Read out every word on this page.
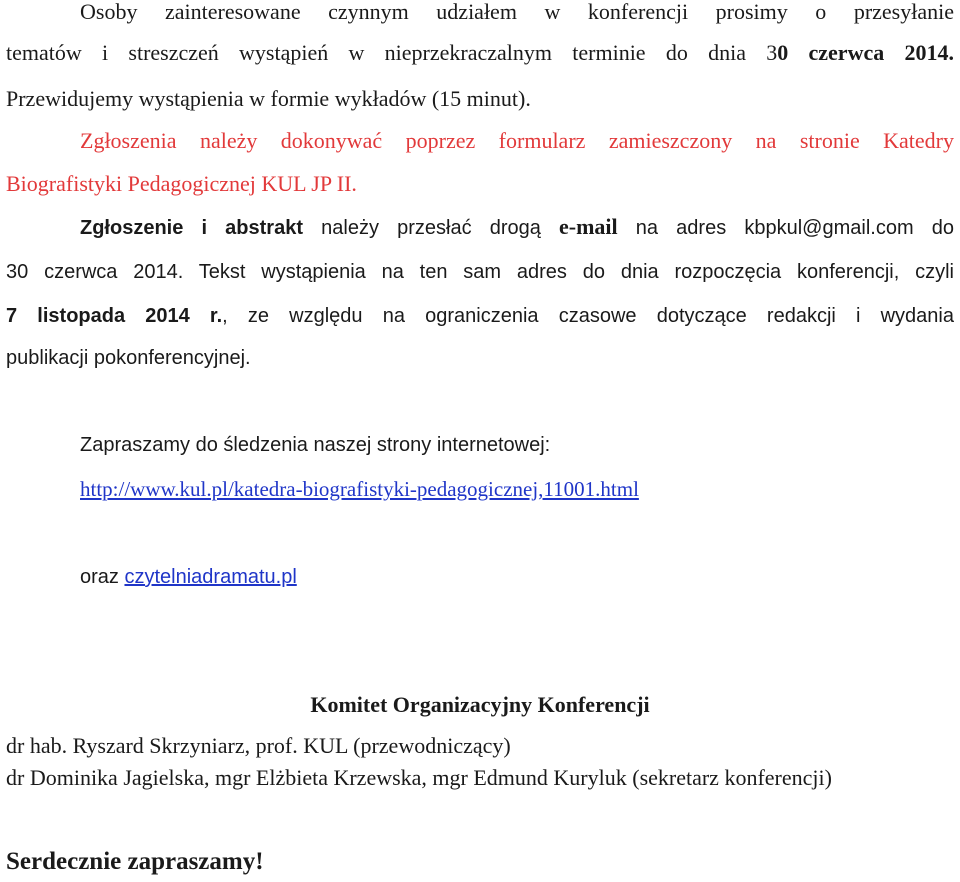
Osoby zainteresowane czynnym udziałem w konferencji prosimy o przesyłanie
tematów i streszczeń wystąpień w nieprzekraczalnym terminie do dnia 30 czerwca 2014.
Przewidujemy wystąpienia w formie wykładów (15 minut).
Zgłoszenia należy dokonywać poprzez formularz zamieszczony na stronie Katedry
Biografistyki Pedagogicznej KUL JP II.
Zgłoszenie i abstrakt należy przesłać drogą e-mail na adres kbpkul@gmail.com do
30 czerwca 2014. Tekst wystąpienia na ten sam adres do dnia rozpoczęcia konferencji, czyli
7 listopada 2014 r., ze względu na ograniczenia czasowe dotyczące redakcji i wydania
publikacji pokonferencyjnej.
Zapraszamy do śledzenia naszej strony internetowej:
http://www.kul.pl/katedra-biografistyki-pedagogicznej,11001.html
oraz czytelniadramatu.pl
Komitet Organizacyjny Konferencji
dr hab. Ryszard Skrzyniarz, prof. KUL (przewodniczący)
dr Dominika Jagielska, mgr Elżbieta Krzewska, mgr Edmund Kuryluk (sekretarz konferencji)
Serdecznie zapraszamy!
